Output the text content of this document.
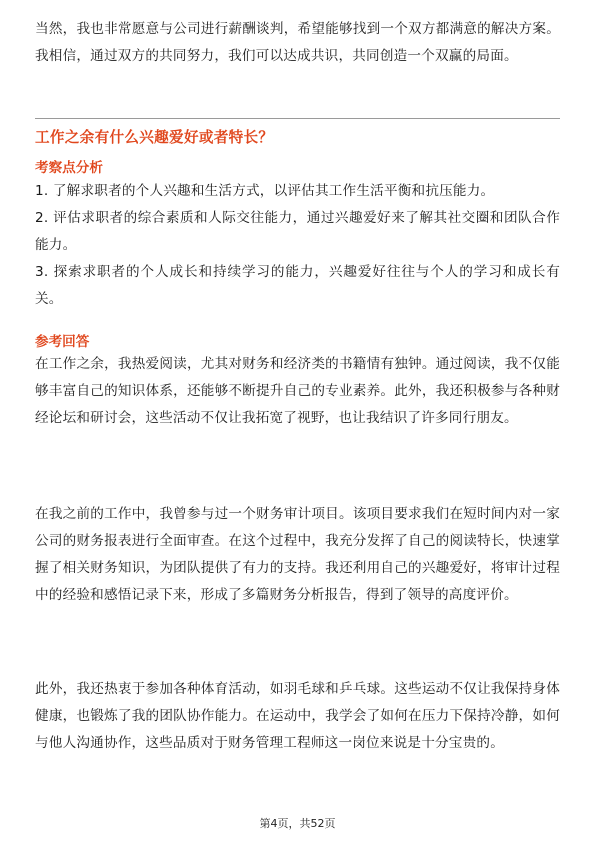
当然，我也非常愿意与公司进行薪酬谈判，希望能够找到一个双方都满意的解决方案。我相信，通过双方的共同努力，我们可以达成共识，共同创造一个双赢的局面。

工作之余有什么兴趣爱好或者特长？
考察点分析
1. 了解求职者的个人兴趣和生活方式，以评估其工作生活平衡和抗压能力。
2. 评估求职者的综合素质和人际交往能力，通过兴趣爱好来了解其社交圈和团队合作能力。
3. 探索求职者的个人成长和持续学习的能力，兴趣爱好往往与个人的学习和成长有关。
参考回答

在工作之余，我热爱阅读，尤其对财务和经济类的书籍情有独钟。通过阅读，我不仅能够丰富自己的知识体系，还能够不断提升自己的专业素养。此外，我还积极参与各种财经论坛和研讨会，这些活动不仅让我拓宽了视野，也让我结识了许多同行朋友。

在我之前的工作中，我曾参与过一个财务审计项目。该项目要求我们在短时间内对一家公司的财务报表进行全面审查。在这个过程中，我充分发挥了自己的阅读特长，快速掌握了相关财务知识，为团队提供了有力的支持。我还利用自己的兴趣爱好，将审计过程中的经验和感悟记录下来，形成了多篇财务分析报告，得到了领导的高度评价。

此外，我还热衷于参加各种体育活动，如羽毛球和乒乓球。这些运动不仅让我保持身体健康，也锻炼了我的团队协作能力。在运动中，我学会了如何在压力下保持冷静，如何与他人沟通协作，这些品质对于财务管理工程师这一岗位来说是十分宝贵的。

第4页，共52页
